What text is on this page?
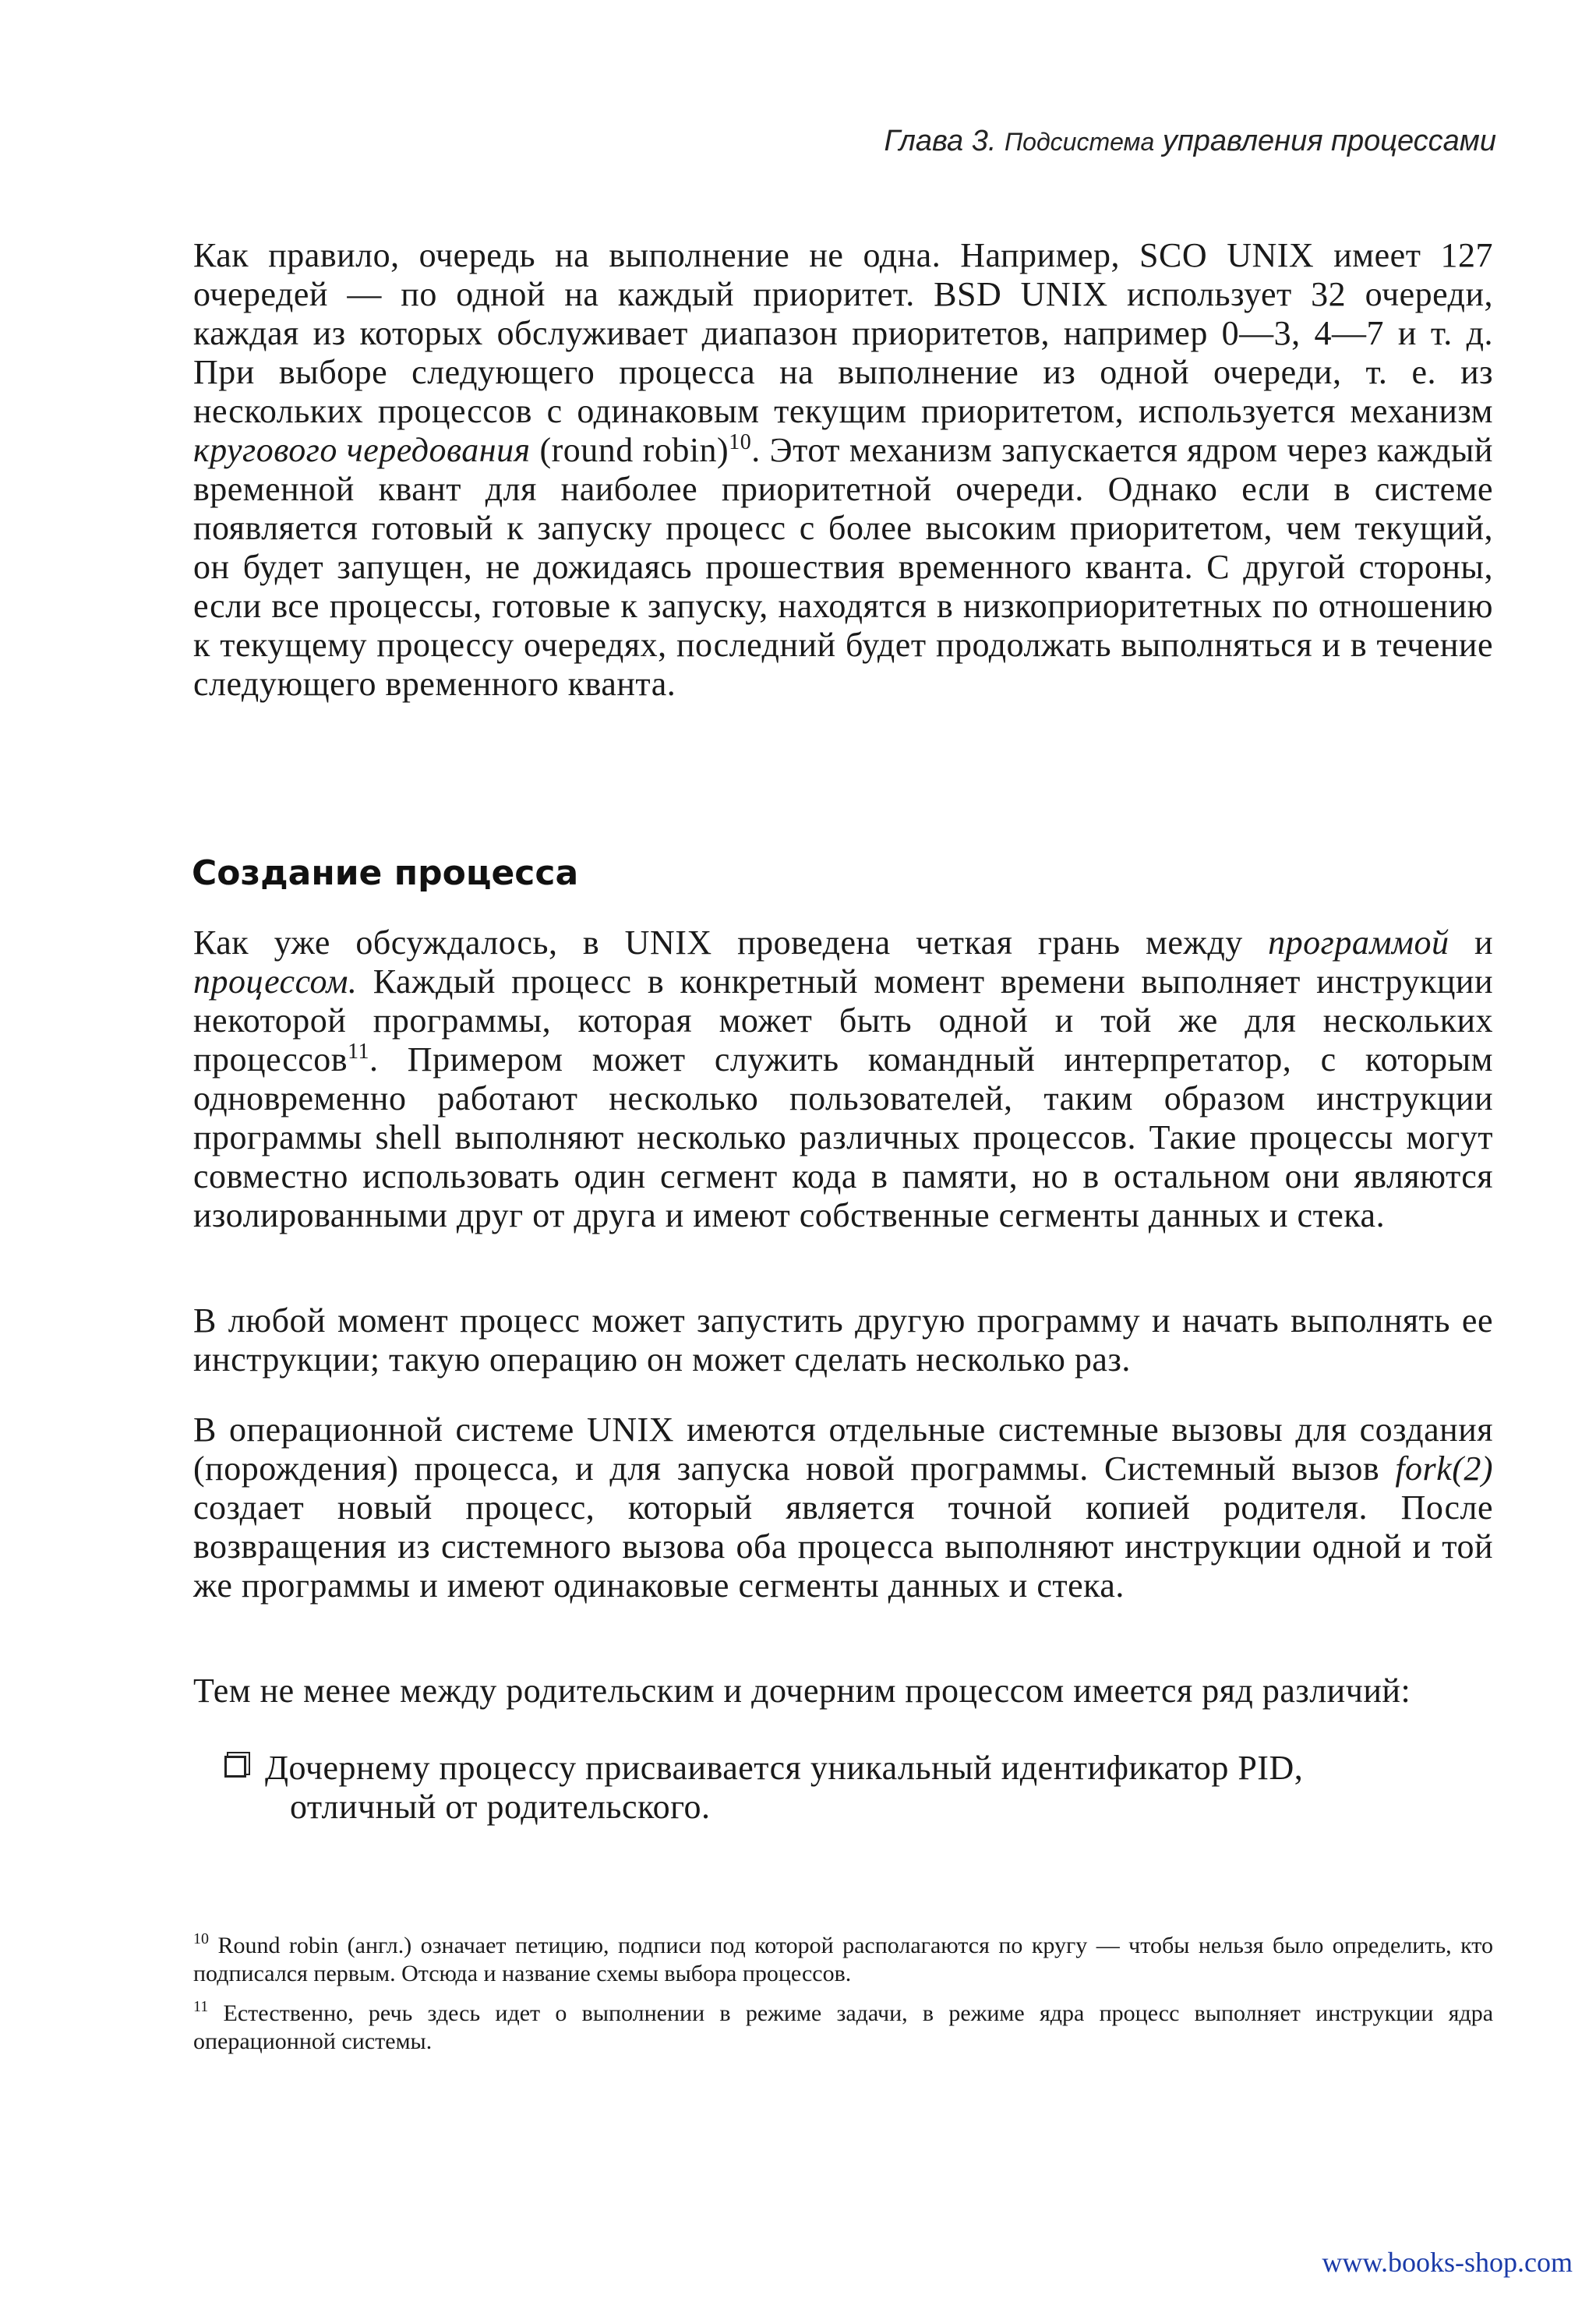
Глава 3. Подсистема управления процессами
Как правило, очередь на выполнение не одна. Например, SCO UNIX имеет 127 очередей — по одной на каждый приоритет. BSD UNIX использует 32 очереди, каждая из которых обслуживает диапазон приоритетов, например 0—3, 4—7 и т. д. При выборе следующего процесса на выполнение из одной очереди, т. е. из нескольких процессов с одинаковым текущим приоритетом, используется механизм кругового чередования (round robin)$^{10}$. Этот механизм запускается ядром через каждый временной квант для наиболее приоритетной очереди. Однако если в системе появляется готовый к запуску процесс с более высоким приоритетом, чем текущий, он будет запущен, не дожидаясь прошествия временного кванта. С другой стороны, если все процессы, готовые к запуску, находятся в низкоприоритетных по отношению к текущему процессу очередях, последний будет продолжать выполняться и в течение следующего временного кванта.
Создание процесса
Как уже обсуждалось, в UNIX проведена четкая грань между программой и процессом. Каждый процесс в конкретный момент времени выполняет инструкции некоторой программы, которая может быть одной и той же для нескольких процессов$^{11}$. Примером может служить командный интерпретатор, с которым одновременно работают несколько пользователей, таким образом инструкции программы shell выполняют несколько различных процессов. Такие процессы могут совместно использовать один сегмент кода в памяти, но в остальном они являются изолированными друг от друга и имеют собственные сегменты данных и стека.
В любой момент процесс может запустить другую программу и начать выполнять ее инструкции; такую операцию он может сделать несколько раз.
В операционной системе UNIX имеются отдельные системные вызовы для создания (порождения) процесса, и для запуска новой программы. Системный вызов fork(2) создает новый процесс, который является точной копией родителя. После возвращения из системного вызова оба процесса выполняют инструкции одной и той же программы и имеют одинаковые сегменты данных и стека.
Тем не менее между родительским и дочерним процессом имеется ряд различий:
Дочернему процессу присваивается уникальный идентификатор PID,
отличный от родительского.
$^{10}$ Round robin (англ.) означает петицию, подписи под которой располагаются по кругу — чтобы нельзя было определить, кто подписался первым. Отсюда и название схемы выбора процессов.
$^{11}$ Естественно, речь здесь идет о выполнении в режиме задачи, в режиме ядра процесс выполняет инструкции ядра операционной системы.
www.books-shop.com
